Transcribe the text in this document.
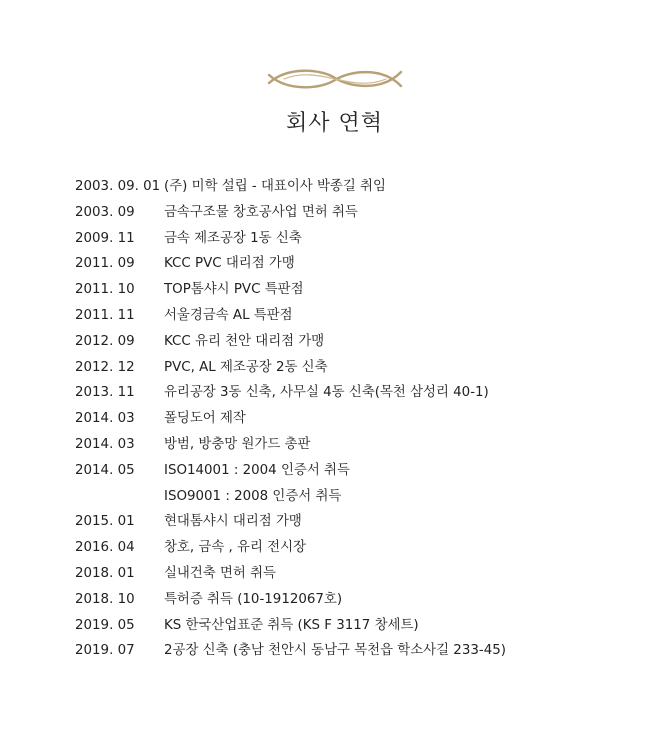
회사 연혁
2003. 09. 01 (주) 미학 설립 - 대표이사 박종길 취임
2003. 09	금속구조물 창호공사업 면허 취득
2009. 11	금속 제조공장 1동 신축
2011. 09	KCC PVC 대리점 가맹
2011. 10	TOP톰샤시 PVC 특판점
2011. 11	서울경금속 AL 특판점
2012. 09	KCC 유리 천안 대리점 가맹
2012. 12	PVC, AL 제조공장 2동 신축
2013. 11	유리공장 3동 신축, 사무실 4동 신축(목천 삼성리 40-1)
2014. 03	폴딩도어 제작
2014. 03	방범, 방충망 원가드 총판
2014. 05	ISO14001 : 2004 인증서 취득
ISO9001 : 2008 인증서 취득
2015. 01	현대톰샤시 대리점 가맹
2016. 04	창호, 금속 , 유리 전시장
2018. 01	실내건축 면허 취득
2018. 10	특허증 취득 (10-1912067호)
2019. 05	KS 한국산업표준 취득 (KS F 3117 창세트)
2019. 07	2공장 신축 (충남 천안시 동남구 목천읍 학소사길 233-45)
